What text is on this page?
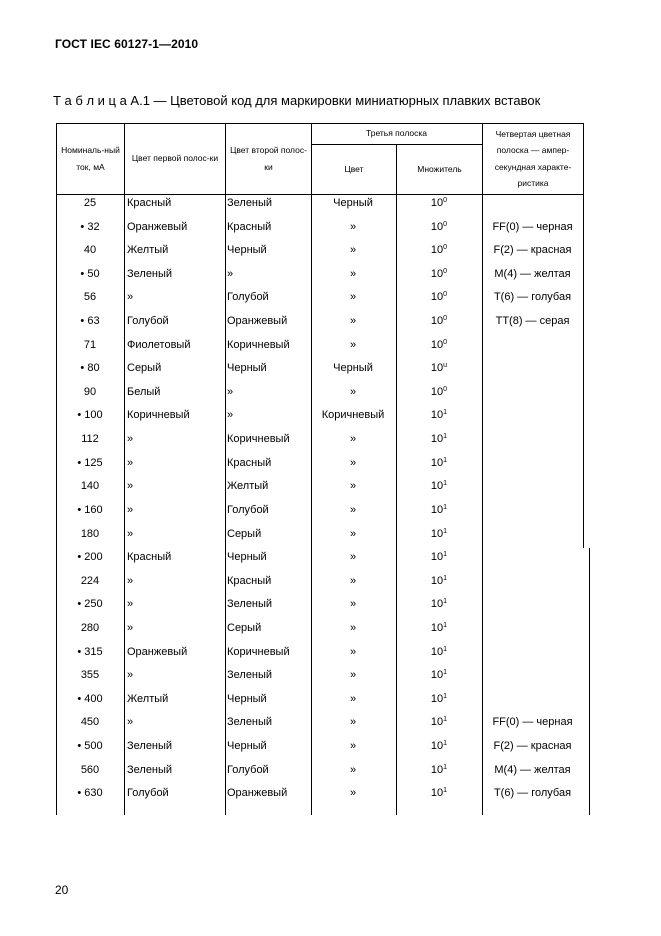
ГОСТ IEC 60127-1—2010
Т а б л и ц а А.1 — Цветовой код для маркировки миниатюрных плавких вставок
Номиналь-ный ток, мА
Цвет первой полос-ки
Цвет второй полос-ки
Третья полоска
Цвет	Множитель
Четвертая цветная полоска — ампер-секундная характе-ристика
25	Красный	Зеленый	Черный	$10^0$
• 32	Оранжевый	Красный	»	$10^0$	FF(0) — черная
40	Желтый	Черный	»	$10^0$	F(2) — красная
• 50	Зеленый	»	»	$10^0$	M(4) — желтая
56	»	Голубой	»	$10^0$	T(6) — голубая
• 63	Голубой	Оранжевый	»	$10^0$	TT(8) — серая
71	Фиолетовый	Коричневый	»	$10^0$
• 80	Серый	Черный	Черный	10$^u$
90	Белый	»	»	$10^0$
• 100	Коричневый	»	Коричневый	$10^1$
112	»	Коричневый	»	$10^1$
• 125	»	Красный	»	$10^1$
140	»	Желтый	»	$10^1$
• 160	»	Голубой	»	$10^1$
180	»	Серый	»	$10^1$
• 200	Красный	Черный	»	$10^1$
224	»	Красный	»	$10^1$
• 250	»	Зеленый	»	$10^1$
280	»	Серый	»	$10^1$
• 315	Оранжевый	Коричневый	»	$10^1$
355	»	Зеленый	»	$10^1$
• 400	Желтый	Черный	»	$10^1$
450	»	Зеленый	»	$10^1$	FF(0) — черная
• 500	Зеленый	Черный	»	$10^1$	F(2) — красная
560	Зеленый	Голубой	»	$10^1$	M(4) — желтая
• 630	Голубой	Оранжевый	»	$10^1$	T(6) — голубая
20
